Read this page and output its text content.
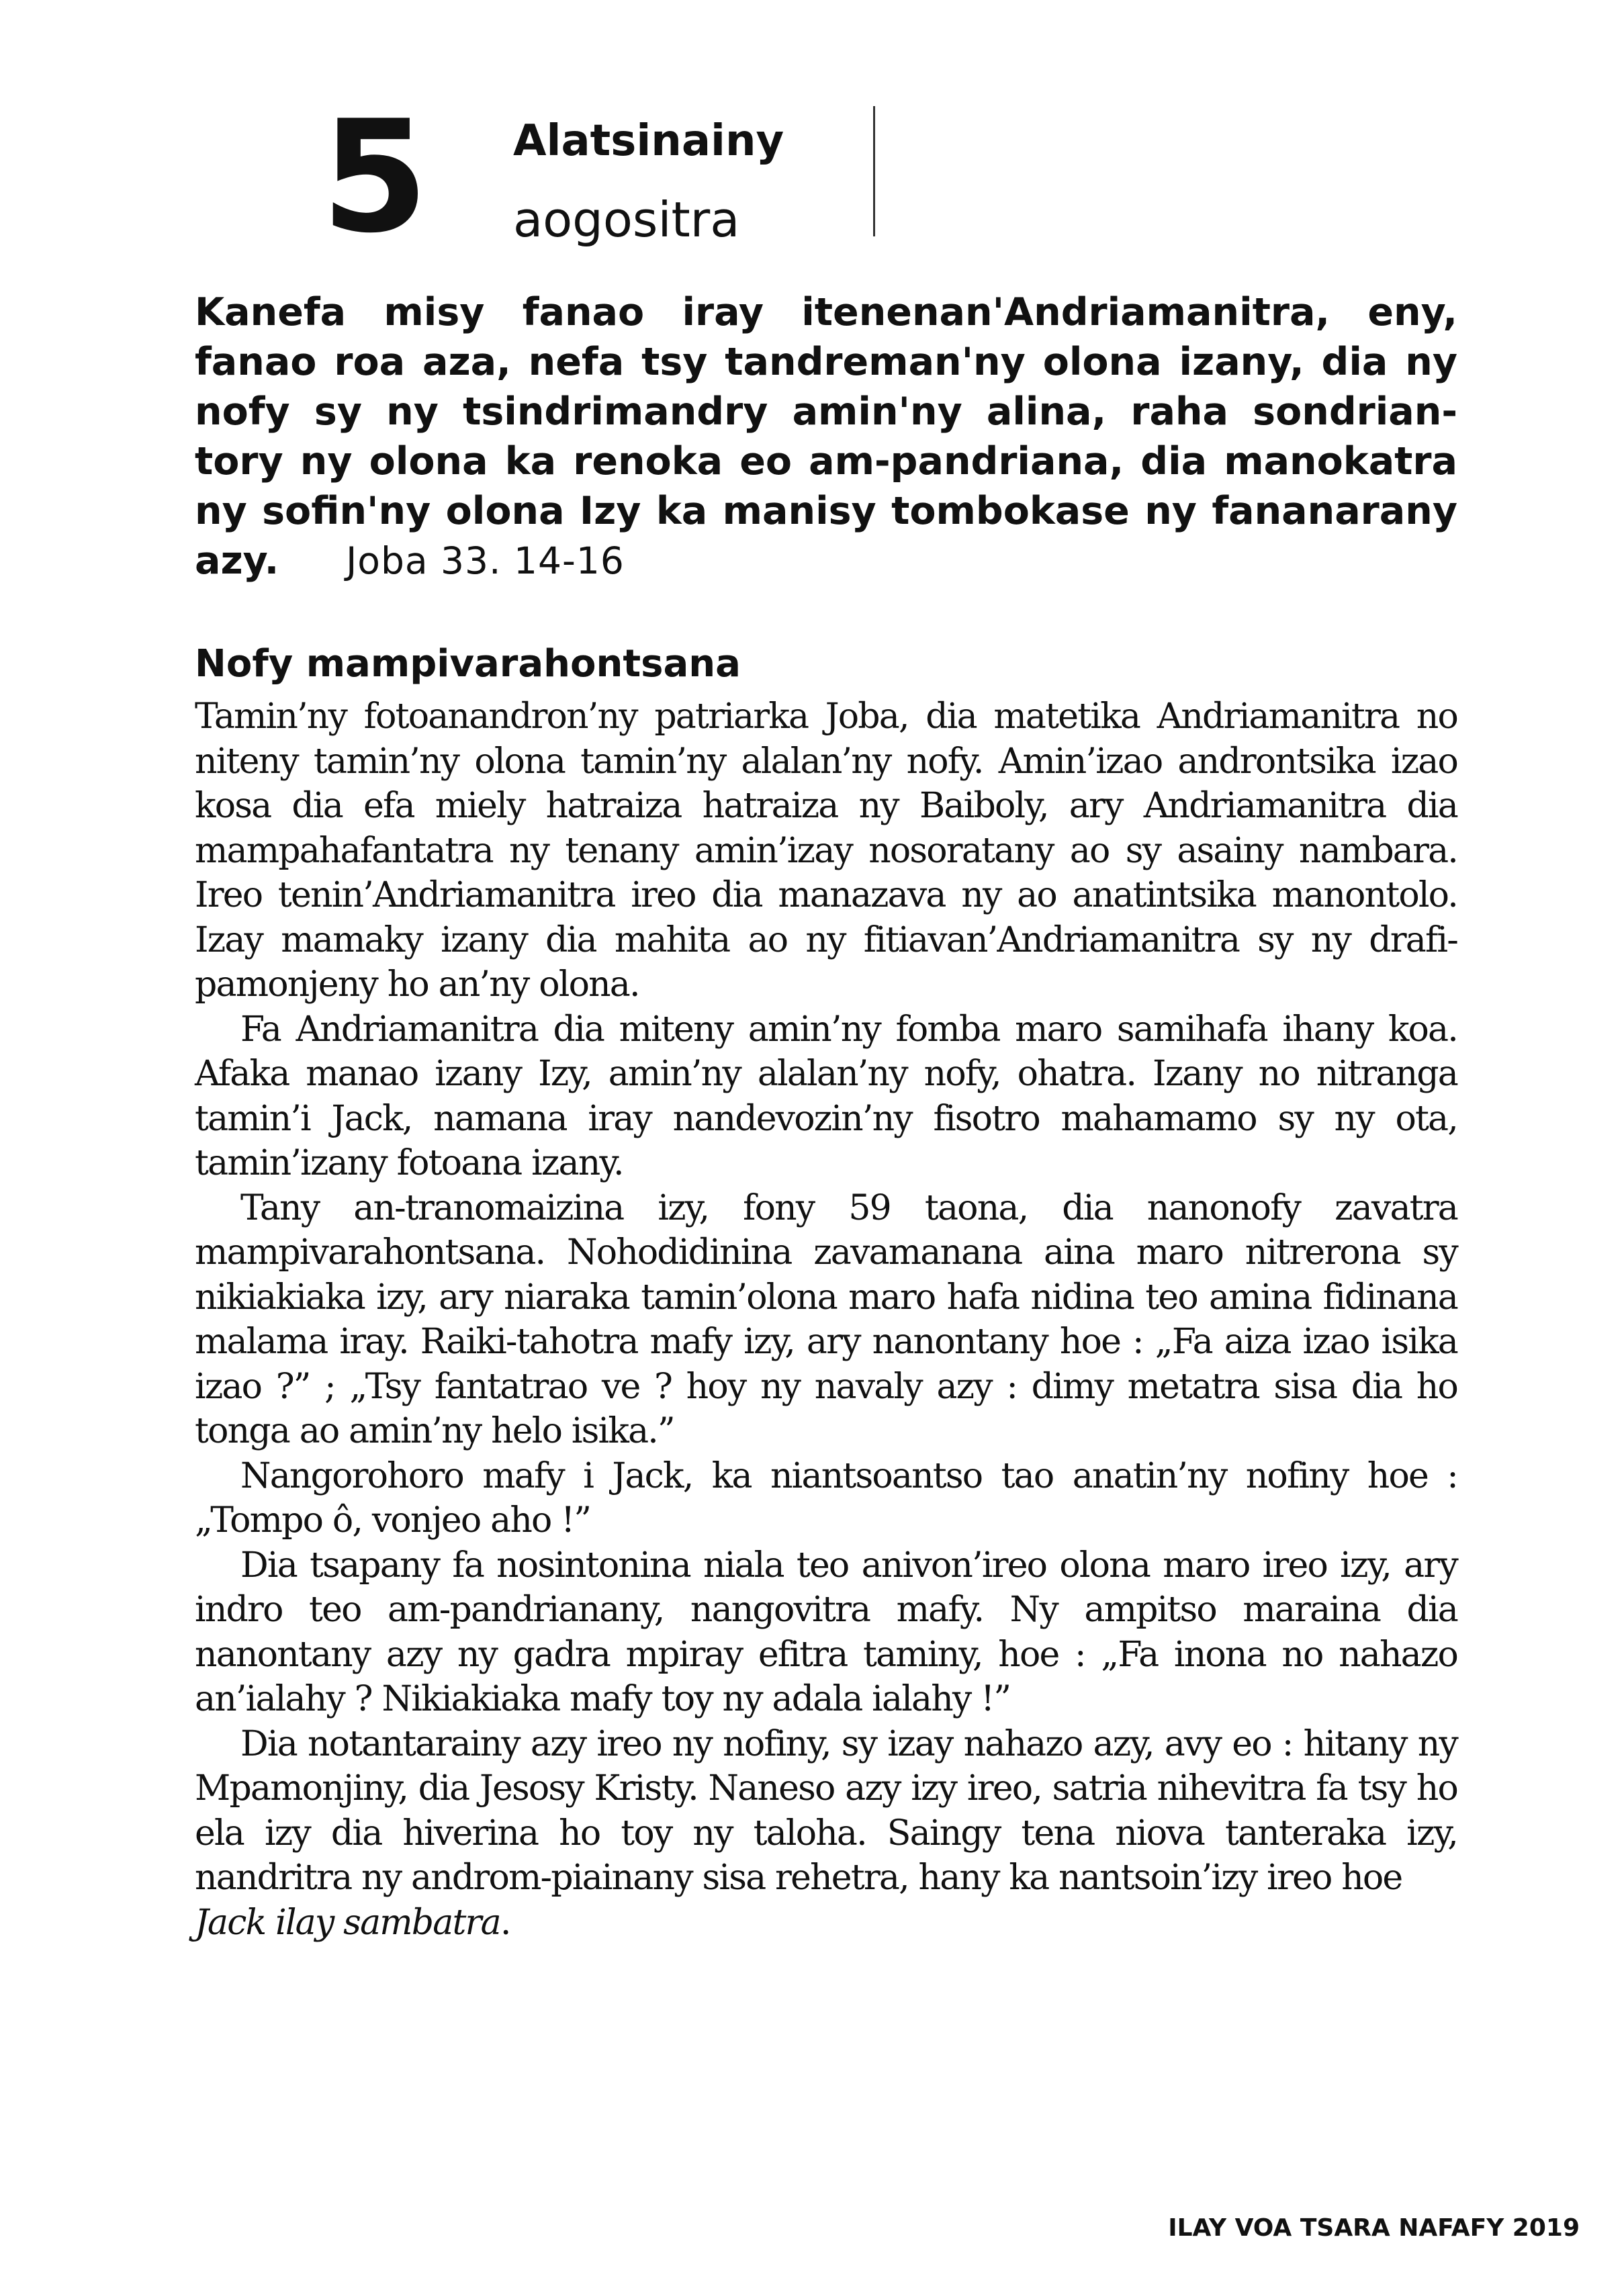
5 Alatsinainy
aogositra
Kanefa misy fanao iray itenenan'Andriamanitra, eny, fanao roa aza, nefa tsy tandreman'ny olona izany, dia ny nofy sy ny tsindrimandry amin'ny alina, raha sondrian-tory ny olona ka renoka eo am-pandriana, dia manokatra ny sofin'ny olona Izy ka manisy tombokase ny fananarany azy. Joba 33. 14-16
Nofy mampivarahontsana

Tamin’ny fotoanandron’ny patriarka Joba, dia matetika Andriamanitra no niteny tamin’ny olona tamin’ny alalan’ny nofy. Amin’izao androntsika izao kosa dia efa miely hatraiza hatraiza ny Baiboly, ary Andriamanitra dia mampahafantatra ny tenany amin’izay nosoratany ao sy asainy nambara. Ireo tenin’Andriamanitra ireo dia manazava ny ao anatintsika manontolo. Izay mamaky izany dia mahita ao ny fitiavan’Andriamanitra sy ny drafi-pamonjeny ho an’ny olona.

Fa Andriamanitra dia miteny amin’ny fomba maro samihafa ihany koa. Afaka manao izany Izy, amin’ny alalan’ny nofy, ohatra. Izany no nitranga tamin’i Jack, namana iray nandevozin’ny fisotro mahamamo sy ny ota, tamin’izany fotoana izany.

Tany an-tranomaizina izy, fony 59 taona, dia nanonofy zavatra mampivarahontsana. Nohodidinina zavamanana aina maro nitrerona sy nikiakiaka izy, ary niaraka tamin’olona maro hafa nidina teo amina fidinana malama iray. Raiki-tahotra mafy izy, ary nanontany hoe : „Fa aiza izao isika izao ?” ; „Tsy fantatrao ve ? hoy ny navaly azy : dimy metatra sisa dia ho tonga ao amin’ny helo isika.”

Nangorohoro mafy i Jack, ka niantsoantso tao anatin’ny nofiny hoe : „Tompo ô, vonjeo aho !”

Dia tsapany fa nosintonina niala teo anivon’ireo olona maro ireo izy, ary indro teo am-pandrianany, nangovitra mafy. Ny ampitso maraina dia nanontany azy ny gadra mpiray efitra taminy, hoe : „Fa inona no nahazo an’ialahy ? Nikiakiaka mafy toy ny adala ialahy !”

Dia notantarainy azy ireo ny nofiny, sy izay nahazo azy, avy eo : hitany ny Mpamonjiny, dia Jesosy Kristy. Naneso azy izy ireo, satria nihevitra fa tsy ho ela izy dia hiverina ho toy ny taloha. Saingy tena niova tanteraka izy, nandritra ny androm-piainany sisa rehetra, hany ka nantsoin’izy ireo hoe
Jack ilay sambatra.

ILAY VOA TSARA NAFAFY 2019
